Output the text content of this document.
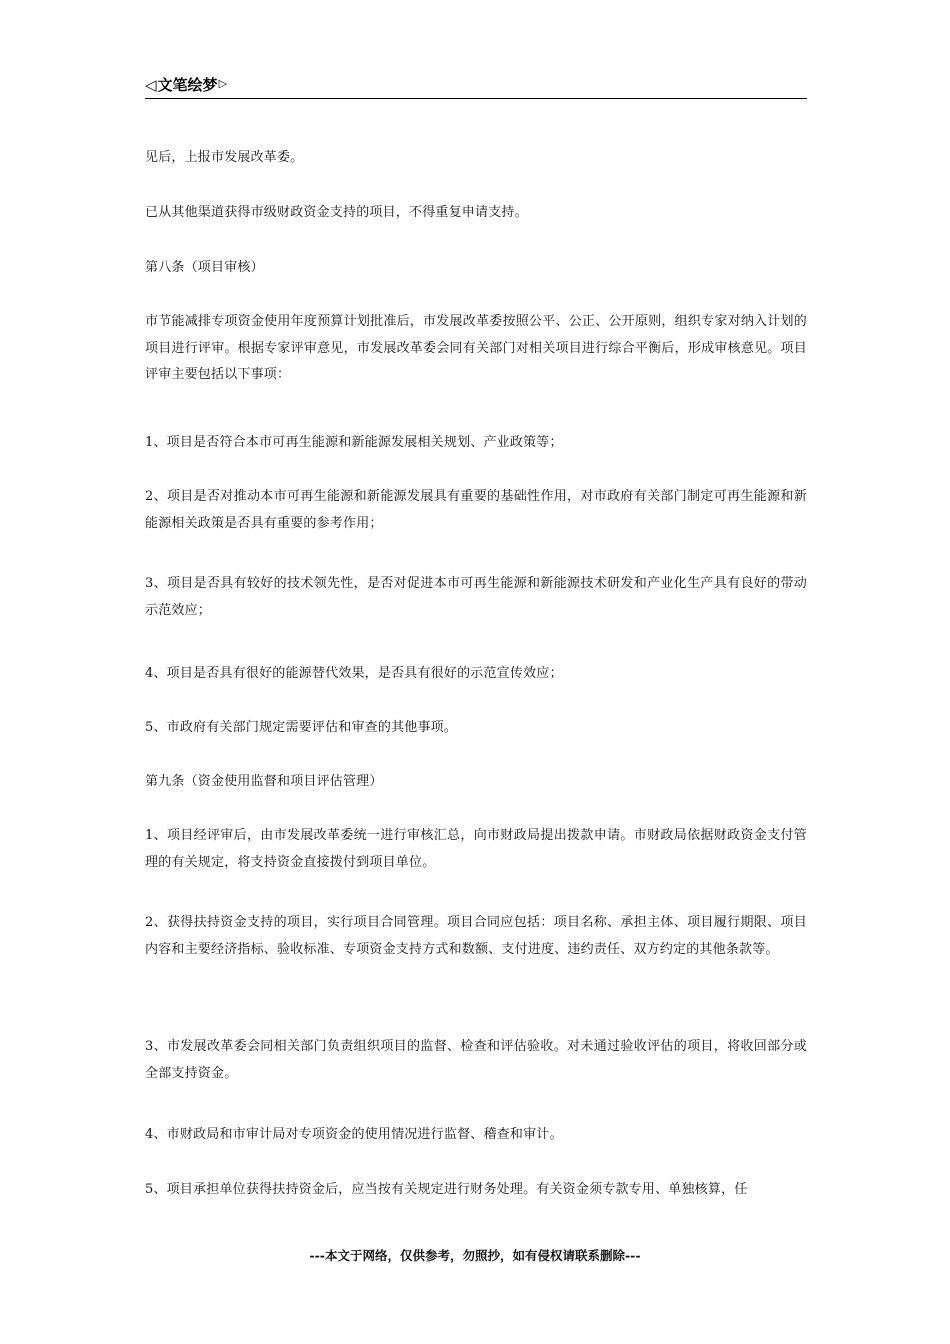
◁文笔绘梦▷

见后，上报市发展改革委。

已从其他渠道获得市级财政资金支持的项目，不得重复申请支持。

第八条（项目审核）

市节能减排专项资金使用年度预算计划批准后，市发展改革委按照公平、公正、公开原则，组织专家对纳入计划的项目进行评审。根据专家评审意见，市发展改革委会同有关部门对相关项目进行综合平衡后，形成审核意见。项目评审主要包括以下事项：

1、项目是否符合本市可再生能源和新能源发展相关规划、产业政策等；

2、项目是否对推动本市可再生能源和新能源发展具有重要的基础性作用，对市政府有关部门制定可再生能源和新能源相关政策是否具有重要的参考作用；

3、项目是否具有较好的技术领先性，是否对促进本市可再生能源和新能源技术研发和产业化生产具有良好的带动示范效应；

4、项目是否具有很好的能源替代效果，是否具有很好的示范宣传效应；

5、市政府有关部门规定需要评估和审查的其他事项。

第九条（资金使用监督和项目评估管理）

1、项目经评审后，由市发展改革委统一进行审核汇总，向市财政局提出拨款申请。市财政局依据财政资金支付管理的有关规定，将支持资金直接拨付到项目单位。

2、获得扶持资金支持的项目，实行项目合同管理。项目合同应包括：项目名称、承担主体、项目履行期限、项目内容和主要经济指标、验收标准、专项资金支持方式和数额、支付进度、违约责任、双方约定的其他条款等。

3、市发展改革委会同相关部门负责组织项目的监督、检查和评估验收。对未通过验收评估的项目，将收回部分或全部支持资金。

4、市财政局和市审计局对专项资金的使用情况进行监督、稽查和审计。

5、项目承担单位获得扶持资金后，应当按有关规定进行财务处理。有关资金须专款专用、单独核算，任

---本文于网络，仅供参考，勿照抄，如有侵权请联系删除---
